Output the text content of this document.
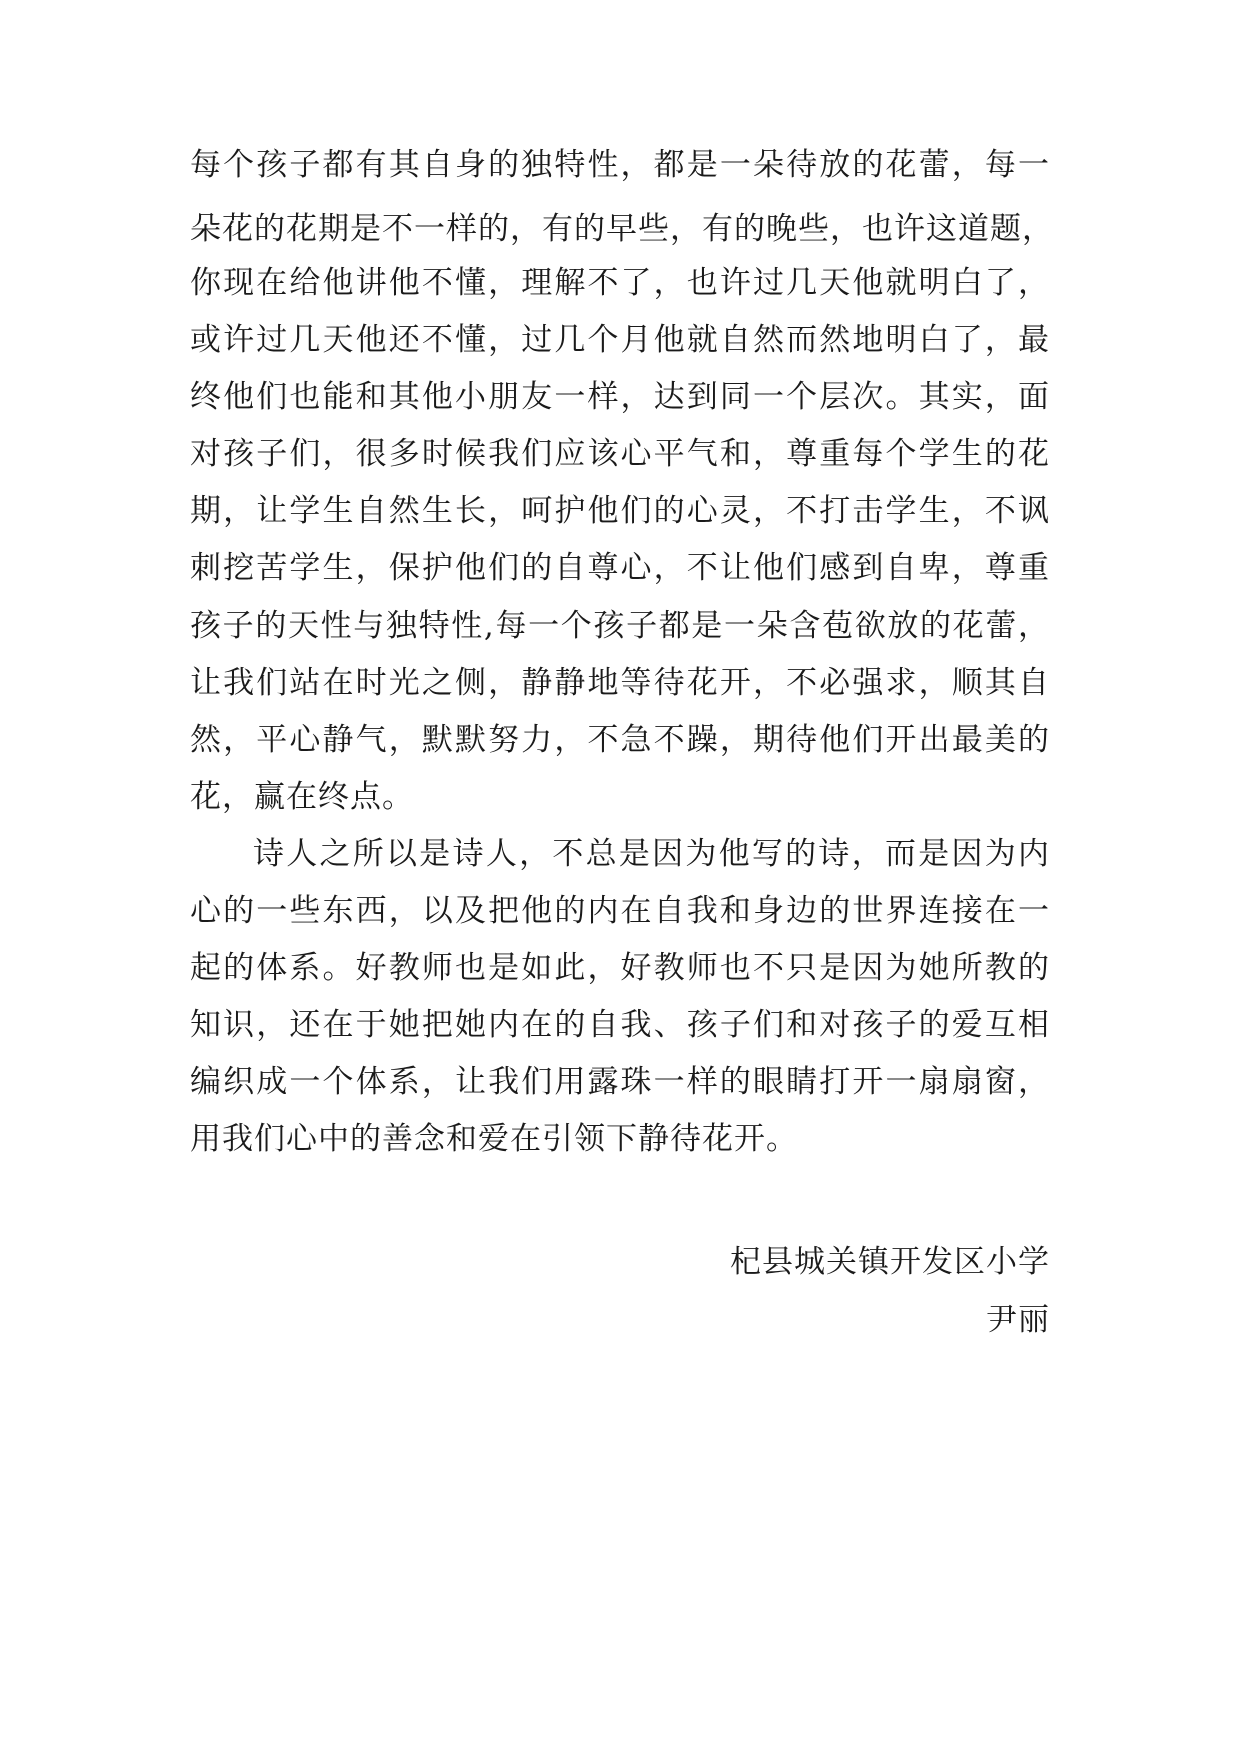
每个孩子都有其自身的独特性，都是一朵待放的花蕾，每一
朵花的花期是不一样的，有的早些，有的晚些，也许这道题，
你现在给他讲他不懂，理解不了，也许过几天他就明白了，
或许过几天他还不懂，过几个月他就自然而然地明白了，最
终他们也能和其他小朋友一样，达到同一个层次。其实，面
对孩子们，很多时候我们应该心平气和，尊重每个学生的花
期，让学生自然生长，呵护他们的心灵，不打击学生，不讽
刺挖苦学生，保护他们的自尊心，不让他们感到自卑，尊重
孩子的天性与独特性,每一个孩子都是一朵含苞欲放的花蕾，
让我们站在时光之侧，静静地等待花开，不必强求，顺其自
然，平心静气，默默努力，不急不躁，期待他们开出最美的
花，赢在终点。
诗人之所以是诗人，不总是因为他写的诗，而是因为内
心的一些东西，以及把他的内在自我和身边的世界连接在一
起的体系。好教师也是如此，好教师也不只是因为她所教的
知识，还在于她把她内在的自我、孩子们和对孩子的爱互相
编织成一个体系，让我们用露珠一样的眼睛打开一扇扇窗，
用我们心中的善念和爱在引领下静待花开。
杞县城关镇开发区小学
尹丽
